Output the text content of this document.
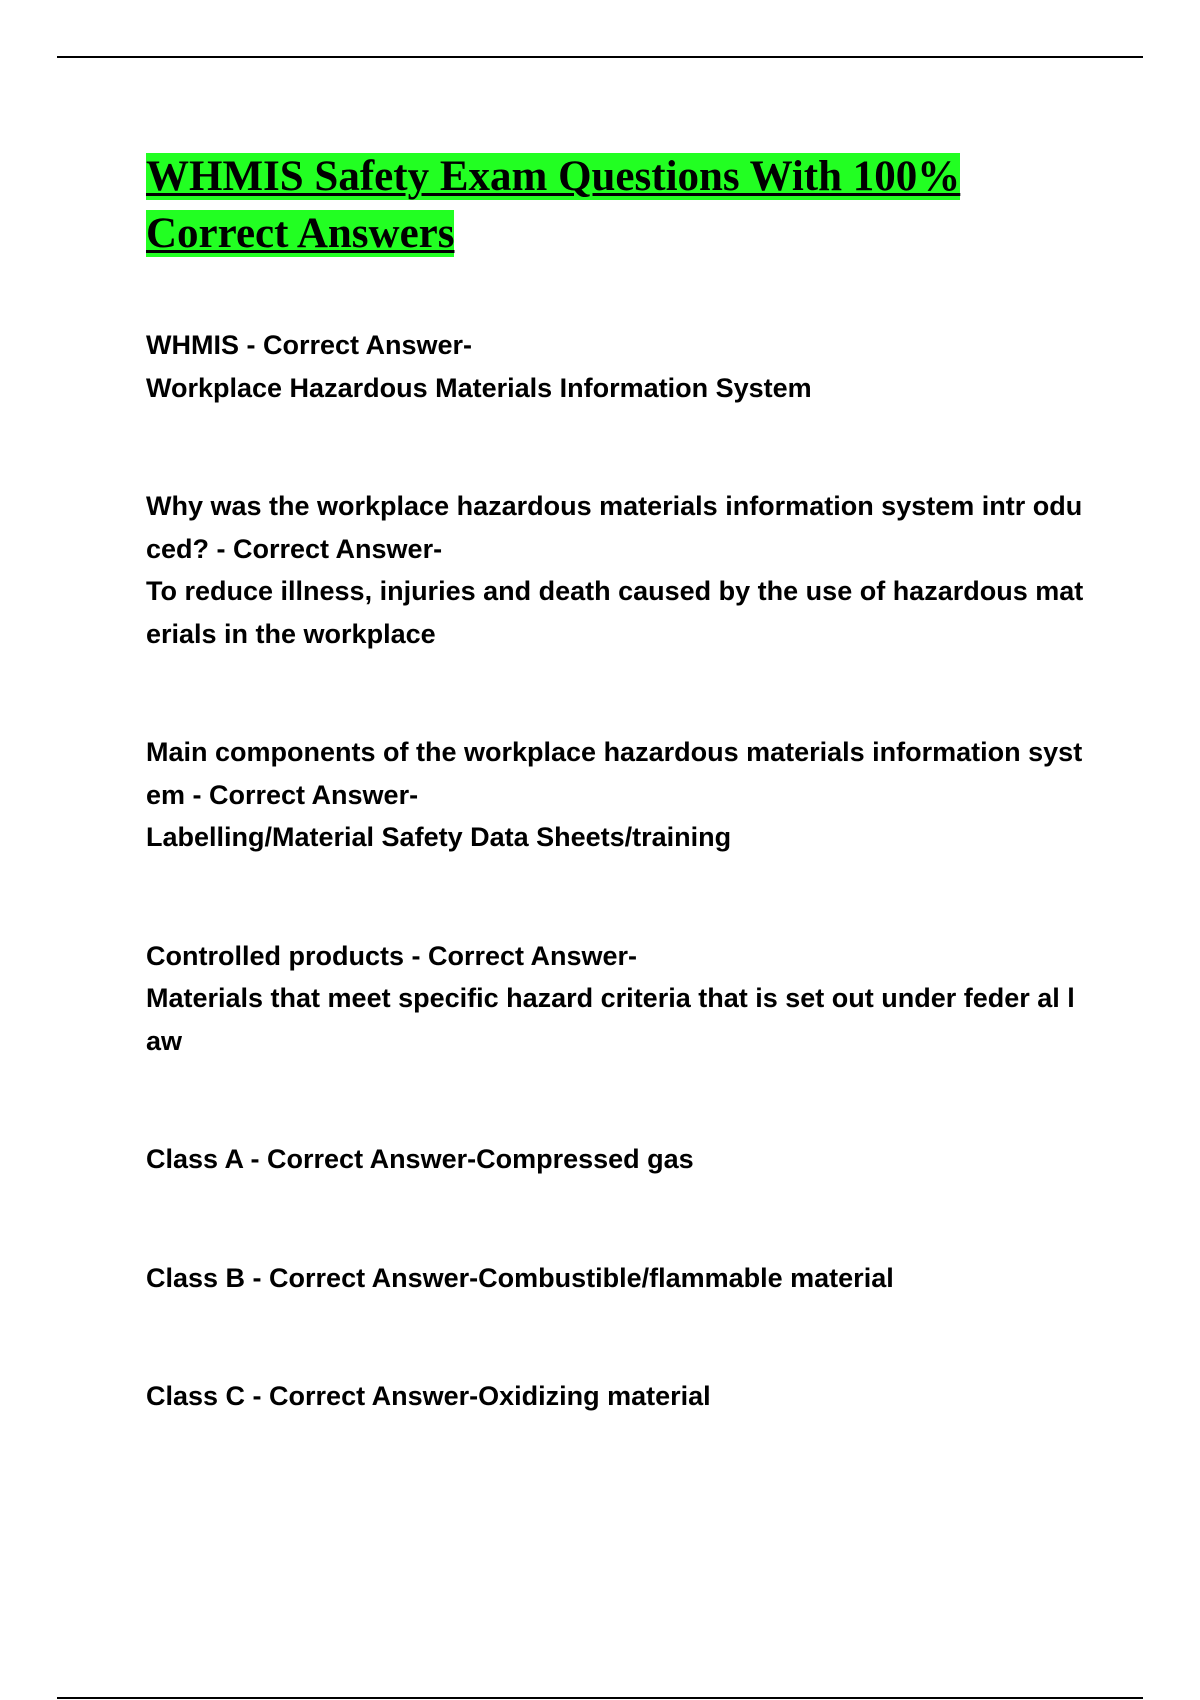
WHMIS Safety Exam Questions With 100% Correct Answers
WHMIS - Correct Answer-
Workplace Hazardous Materials Information System
Why was the workplace hazardous materials information system intr oduced? - Correct Answer-
To reduce illness, injuries and death caused by the use of hazardous materials in the workplace
Main components of the workplace hazardous materials information system - Correct Answer-
Labelling/Material Safety Data Sheets/training
Controlled products - Correct Answer-
Materials that meet specific hazard criteria that is set out under feder al law
Class A - Correct Answer-Compressed gas
Class B - Correct Answer-Combustible/flammable material
Class C - Correct Answer-Oxidizing material
